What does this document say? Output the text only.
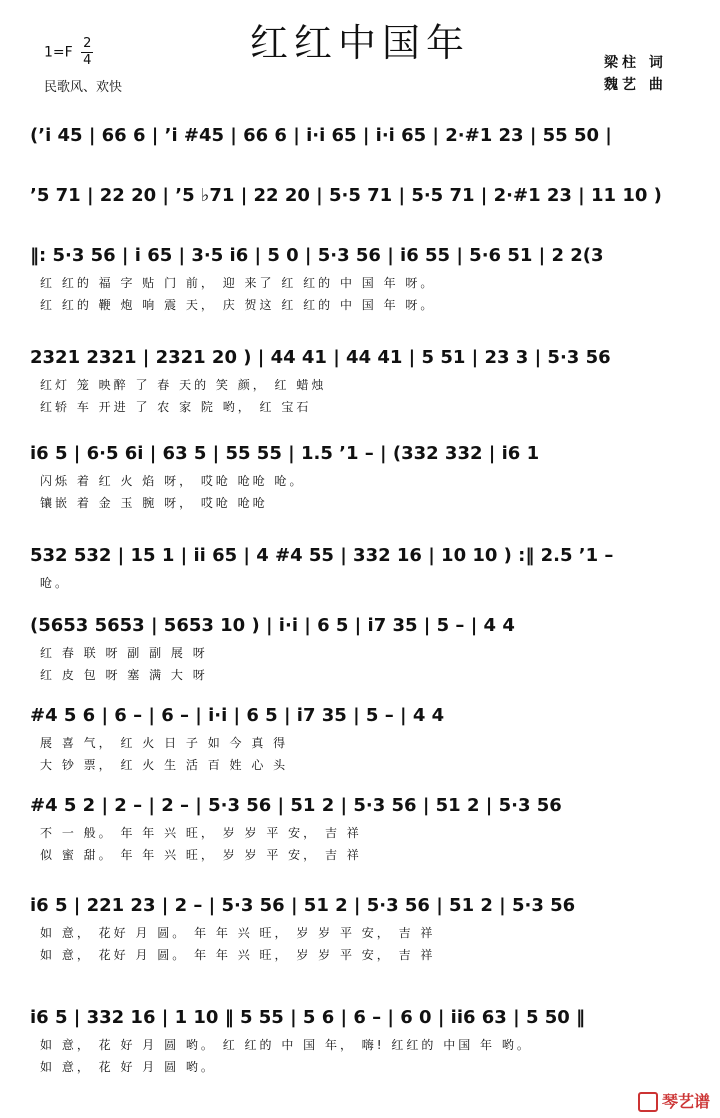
红红中国年
$1=F \frac{2}{4}$
民歌风、欢快
梁柱 词
魏艺 曲
(ʼi 45 | 66 6 | ʼi #45 | 66 6 | i·i 65 | i·i 65 | 2·#1 23 | 55 50 |
ʼ5 71 | 22 20 | ʼ5 ♭71 | 22 20 | 5·5 71 | 5·5 71 | 2·#1 23 | 11 10 )
‖: 5·3 56 | i 65 | 3·5 i6 | 5 0 | 5·3 56 | i6 55 | 5·6 51 | 2 2(3
红 红的 福 字 贴 门 前， 迎 来了 红 红的 中 国 年 呀。
红 红的 鞭 炮 响 震 天， 庆 贺这 红 红的 中 国 年 呀。
2321 2321 | 2321 20 ) | 44 41 | 44 41 | 5 51 | 23 3 | 5·3 56
红灯 笼 映醉 了 春 天的 笑 颜， 红 蜡烛
红轿 车 开进 了 农 家 院 哟， 红 宝石
i6 5 | 6·5 6i | 63 5 | 55 55 | 1.5 ʼ1 – | (332 332 | i6 1
闪烁 着 红 火 焰 呀， 哎呛 呛呛 呛。
镶嵌 着 金 玉 腕 呀， 哎呛 呛呛
532 532 | 15 1 | ii 65 | 4 #4 55 | 332 16 | 10 10 ) :‖ 2.5 ʼ1 –
呛。
(5653 5653 | 5653 10 ) | i·i | 6 5 | i7 35 | 5 – | 4 4
红 春 联 呀 副 副 展 呀
红 皮 包 呀 塞 满 大 呀
#4 5 6 | 6 – | 6 – | i·i | 6 5 | i7 35 | 5 – | 4 4
展 喜 气， 红 火 日 子 如 今 真 得
大 钞 票， 红 火 生 活 百 姓 心 头
#4 5 2 | 2 – | 2 – | 5·3 56 | 51 2 | 5·3 56 | 51 2 | 5·3 56
不 一 般。 年 年 兴 旺， 岁 岁 平 安， 吉 祥
似 蜜 甜。 年 年 兴 旺， 岁 岁 平 安， 吉 祥
i6 5 | 221 23 | 2 – | 5·3 56 | 51 2 | 5·3 56 | 51 2 | 5·3 56
如 意， 花好 月 圆。 年 年 兴 旺， 岁 岁 平 安， 吉 祥
如 意， 花好 月 圆。 年 年 兴 旺， 岁 岁 平 安， 吉 祥
i6 5 | 332 16 | 1 10 ‖ 5 55 | 5 6 | 6 – | 6 0 | ii6 63 | 5 50 ‖
如 意， 花 好 月 圆 哟。 红 红的 中 国 年， 嗨! 红红的 中国 年 哟。
如 意， 花 好 月 圆 哟。
琴艺谱
